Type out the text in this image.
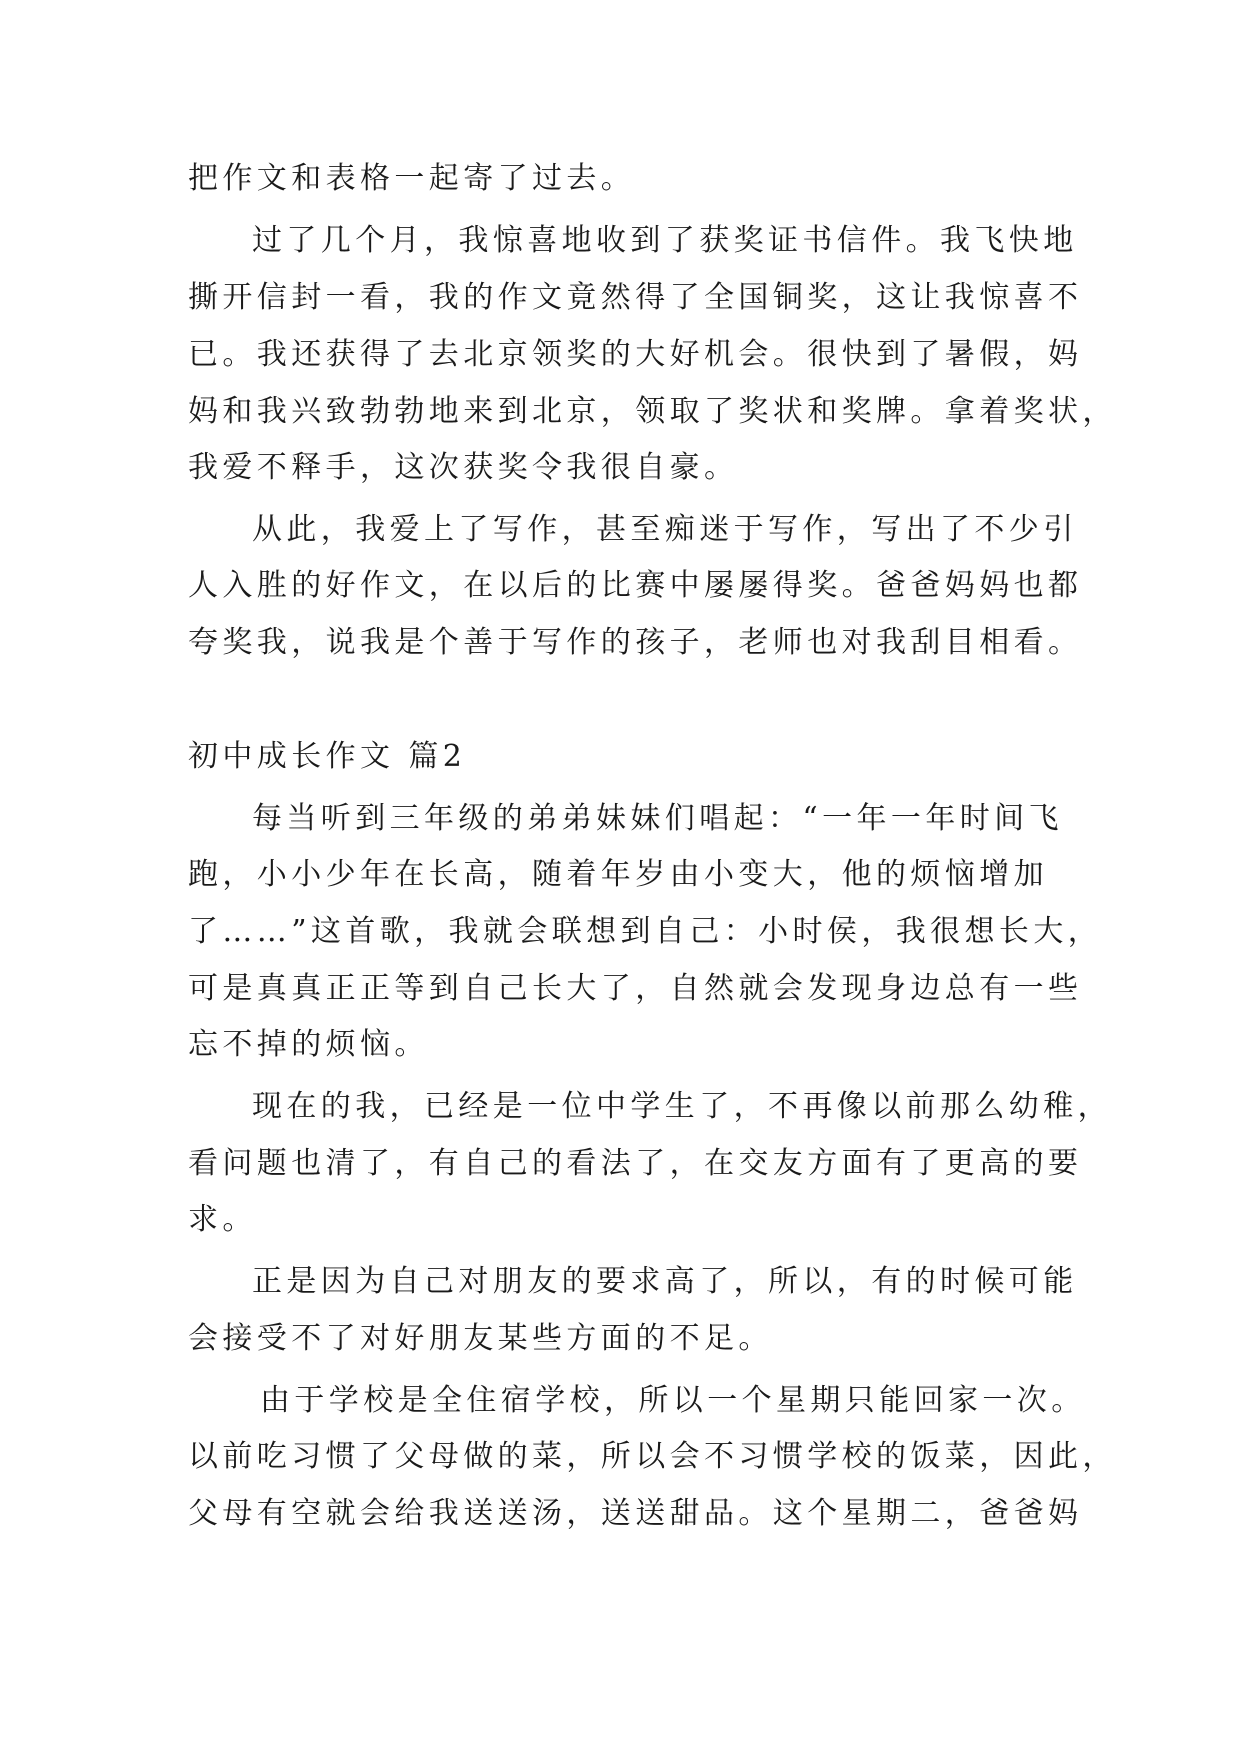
把作文和表格一起寄了过去。

过了几个月，我惊喜地收到了获奖证书信件。我飞快地

撕开信封一看，我的作文竟然得了全国铜奖，这让我惊喜不

已。我还获得了去北京领奖的大好机会。很快到了暑假，妈

妈和我兴致勃勃地来到北京，领取了奖状和奖牌。拿着奖状，

我爱不释手，这次获奖令我很自豪。

从此，我爱上了写作，甚至痴迷于写作，写出了不少引

人入胜的好作文，在以后的比赛中屡屡得奖。爸爸妈妈也都

夸奖我，说我是个善于写作的孩子，老师也对我刮目相看。

初中成长作文 篇2

每当听到三年级的弟弟妹妹们唱起：“一年一年时间飞

跑，小小少年在长高，随着年岁由小变大，他的烦恼增加

了……”这首歌，我就会联想到自己：小时侯，我很想长大，

可是真真正正等到自己长大了，自然就会发现身边总有一些

忘不掉的烦恼。

现在的我，已经是一位中学生了，不再像以前那么幼稚，

看问题也清了，有自己的看法了，在交友方面有了更高的要

求。

正是因为自己对朋友的要求高了，所以，有的时候可能

会接受不了对好朋友某些方面的不足。

由于学校是全住宿学校，所以一个星期只能回家一次。

以前吃习惯了父母做的菜，所以会不习惯学校的饭菜，因此，

父母有空就会给我送送汤，送送甜品。这个星期二，爸爸妈
